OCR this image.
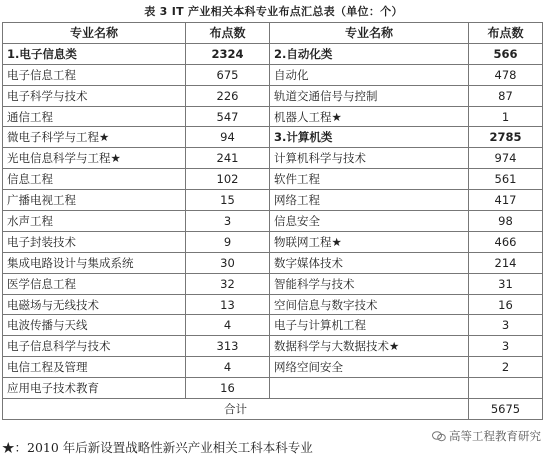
表 3 IT 产业相关本科专业布点汇总表（单位：个）
专业名称	布点数	专业名称	布点数
1.电子信息类	2324	2.自动化类	566
电子信息工程	675	自动化	478
电子科学与技术	226	轨道交通信号与控制	87
通信工程	547	机器人工程★	1
微电子科学与工程★	94	3.计算机类	2785
光电信息科学与工程★	241	计算机科学与技术	974
信息工程	102	软件工程	561
广播电视工程	15	网络工程	417
水声工程	3	信息安全	98
电子封装技术	9	物联网工程★	466
集成电路设计与集成系统	30	数字媒体技术	214
医学信息工程	32	智能科学与技术	31
电磁场与无线技术	13	空间信息与数字技术	16
电波传播与天线	4	电子与计算机工程	3
电子信息科学与技术	313	数据科学与大数据技术★	3
电信工程及管理	4	网络空间安全	2
应用电子技术教育	16		
合计			5675
★：2010 年后新设置战略性新兴产业相关工科本科专业
高等工程教育研究
